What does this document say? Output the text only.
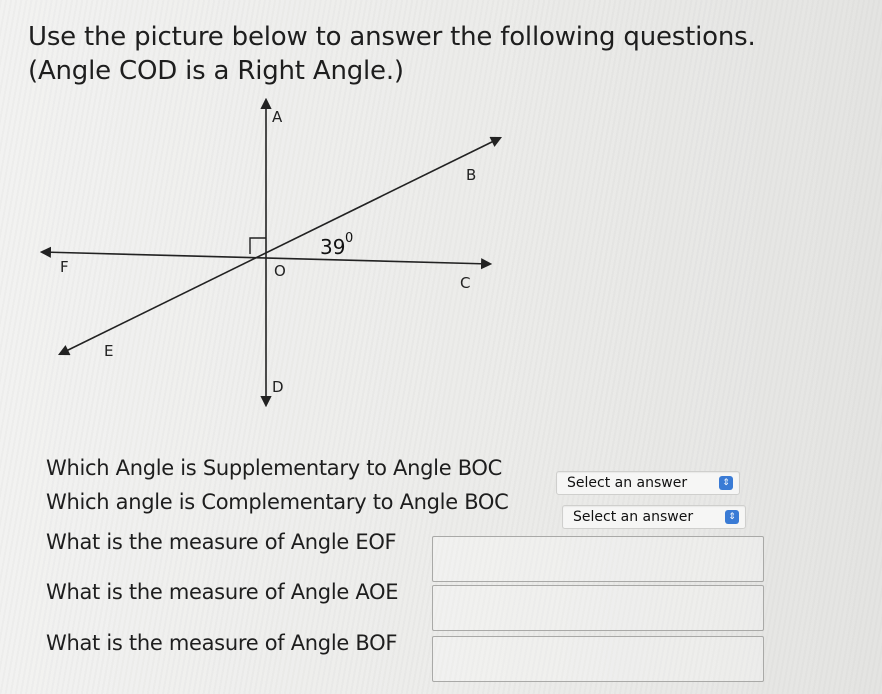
Use the picture below to answer the following questions.
(Angle COD is a Right Angle.)
A
B
C
D
E
F	O
39 0
Which Angle is Supplementary to Angle BOC
Select an answer	⇕
Which angle is Complementary to Angle BOC
Select an answer	⇕
What is the measure of Angle EOF
What is the measure of Angle AOE
What is the measure of Angle BOF
